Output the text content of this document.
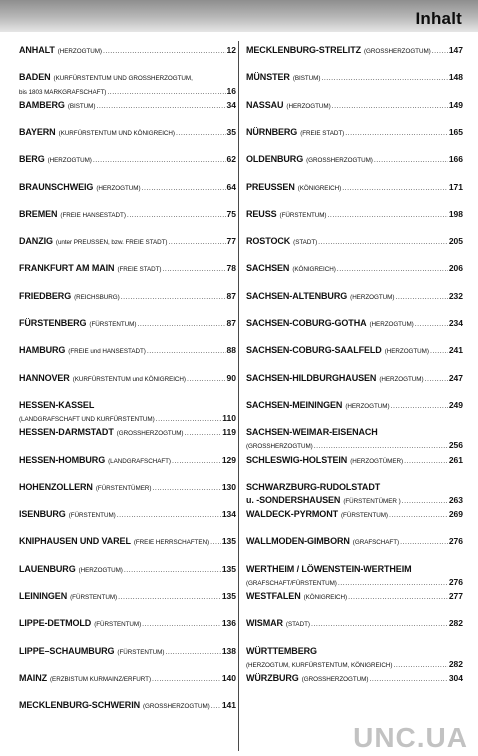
Inhalt
ANHALT (HERZOGTUM) .....	12
BADEN (KURFÜRSTENTUM UND GROSSHERZOGTUM,
bis 1803 MARKGRAFSCHAFT) .....	16
BAMBERG (BISTUM) .....	34
BAYERN (KURFÜRSTENTUM UND KÖNIGREICH) .....	35
BERG (HERZOGTUM) .....	62
BRAUNSCHWEIG (HERZOGTUM) .....	64
BREMEN (FREIE HANSESTADT) .....	75
DANZIG (unter PREUSSEN, bzw. FREIE STADT) .....	77
FRANKFURT AM MAIN (FREIE STADT) .....	78
FRIEDBERG (REICHSBURG) .....	87
FÜRSTENBERG (FÜRSTENTUM) .....	87
HAMBURG (FREIE und HANSESTADT) .....	88
HANNOVER (KURFÜRSTENTUM und KÖNIGREICH) .....	90
HESSEN-KASSEL
(LANDGRAFSCHAFT UND KURFÜRSTENTUM) .....	110
HESSEN-DARMSTADT (GROSSHERZOGTUM) .....	119
HESSEN-HOMBURG (LANDGRAFSCHAFT) .....	129
HOHENZOLLERN (FÜRSTENTÜMER) .....	130
ISENBURG (FÜRSTENTUM) .....	134
KNIPHAUSEN UND VAREL (FREIE HERRSCHAFTEN) ..... 135
LAUENBURG (HERZOGTUM) .....	135
LEININGEN (FÜRSTENTUM) .....	135
LIPPE-DETMOLD (FÜRSTENTUM) .....	136
LIPPE–SCHAUMBURG (FÜRSTENTUM) .....	138
MAINZ (ERZBISTUM KURMAINZ/ERFURT) .....	140
MECKLENBURG-SCHWERIN (GROSSHERZOGTUM) ..... 141
MECKLENBURG-STRELITZ (GROSSHERZOGTUM) ..... 147
MÜNSTER (BISTUM) .....	148
NASSAU (HERZOGTUM) .....	149
NÜRNBERG (FREIE STADT) .....	165
OLDENBURG (GROSSHERZOGTUM) .....	166
PREUSSEN (KÖNIGREICH) .....	171
REUSS (FÜRSTENTUM) .....	198
ROSTOCK (STADT) .....	205
SACHSEN (KÖNIGREICH) .....	206
SACHSEN-ALTENBURG (HERZOGTUM) .....	232
SACHSEN-COBURG-GOTHA (HERZOGTUM) .....	234
SACHSEN-COBURG-SAALFELD (HERZOGTUM) ..... 241
SACHSEN-HILDBURGHAUSEN (HERZOGTUM) .....	247
SACHSEN-MEININGEN (HERZOGTUM) .....	249
SACHSEN-WEIMAR-EISENACH
(GROSSHERZOGTUM) .....	256
SCHLESWIG-HOLSTEIN (HERZOGTÜMER) .....	261
SCHWARZBURG-RUDOLSTADT
u. -SONDERSHAUSEN (FÜRSTENTÜMER ) .....	263
WALDECK-PYRMONT (FÜRSTENTUM) .....	269
WALLMODEN-GIMBORN (GRAFSCHAFT) .....	276
WERTHEIM / LÖWENSTEIN-WERTHEIM
(GRAFSCHAFT/FÜRSTENTUM) .....	276
WESTFALEN (KÖNIGREICH) .....	277
WISMAR (STADT) .....	282
WÜRTTEMBERG
(HERZOGTUM, KURFÜRSTENTUM, KÖNIGREICH) .....	282
WÜRZBURG (GROSSHERZOGTUM) .....	304
UNC.UA
